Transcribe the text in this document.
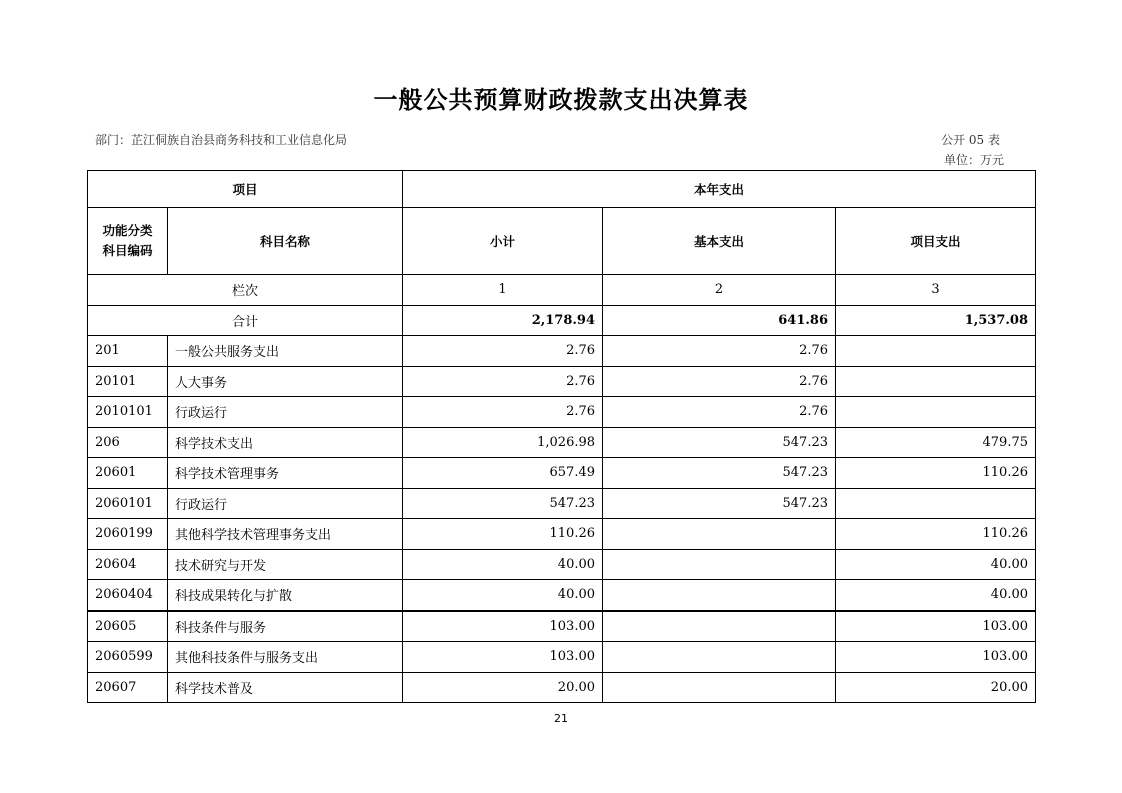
一般公共预算财政拨款支出决算表
部门：芷江侗族自治县商务科技和工业信息化局	公开 05 表
单位：万元
项目		本年支出		
功能分类
科目编码	科目名称	小计	基本支出	项目支出
栏次		1	2	3
合计		2,178.94	641.86	1,537.08
201	一般公共服务支出	2.76	2.76	
20101	人大事务	2.76	2.76	
2010101	行政运行	2.76	2.76	
206	科学技术支出	1,026.98	547.23	479.75
20601	科学技术管理事务	657.49	547.23	110.26
2060101	行政运行	547.23	547.23	
2060199	其他科学技术管理事务支出	110.26		110.26
20604	技术研究与开发	40.00		40.00
2060404	科技成果转化与扩散	40.00		40.00
20605	科技条件与服务	103.00		103.00
2060599	其他科技条件与服务支出	103.00		103.00
20607	科学技术普及	20.00		20.00
21
